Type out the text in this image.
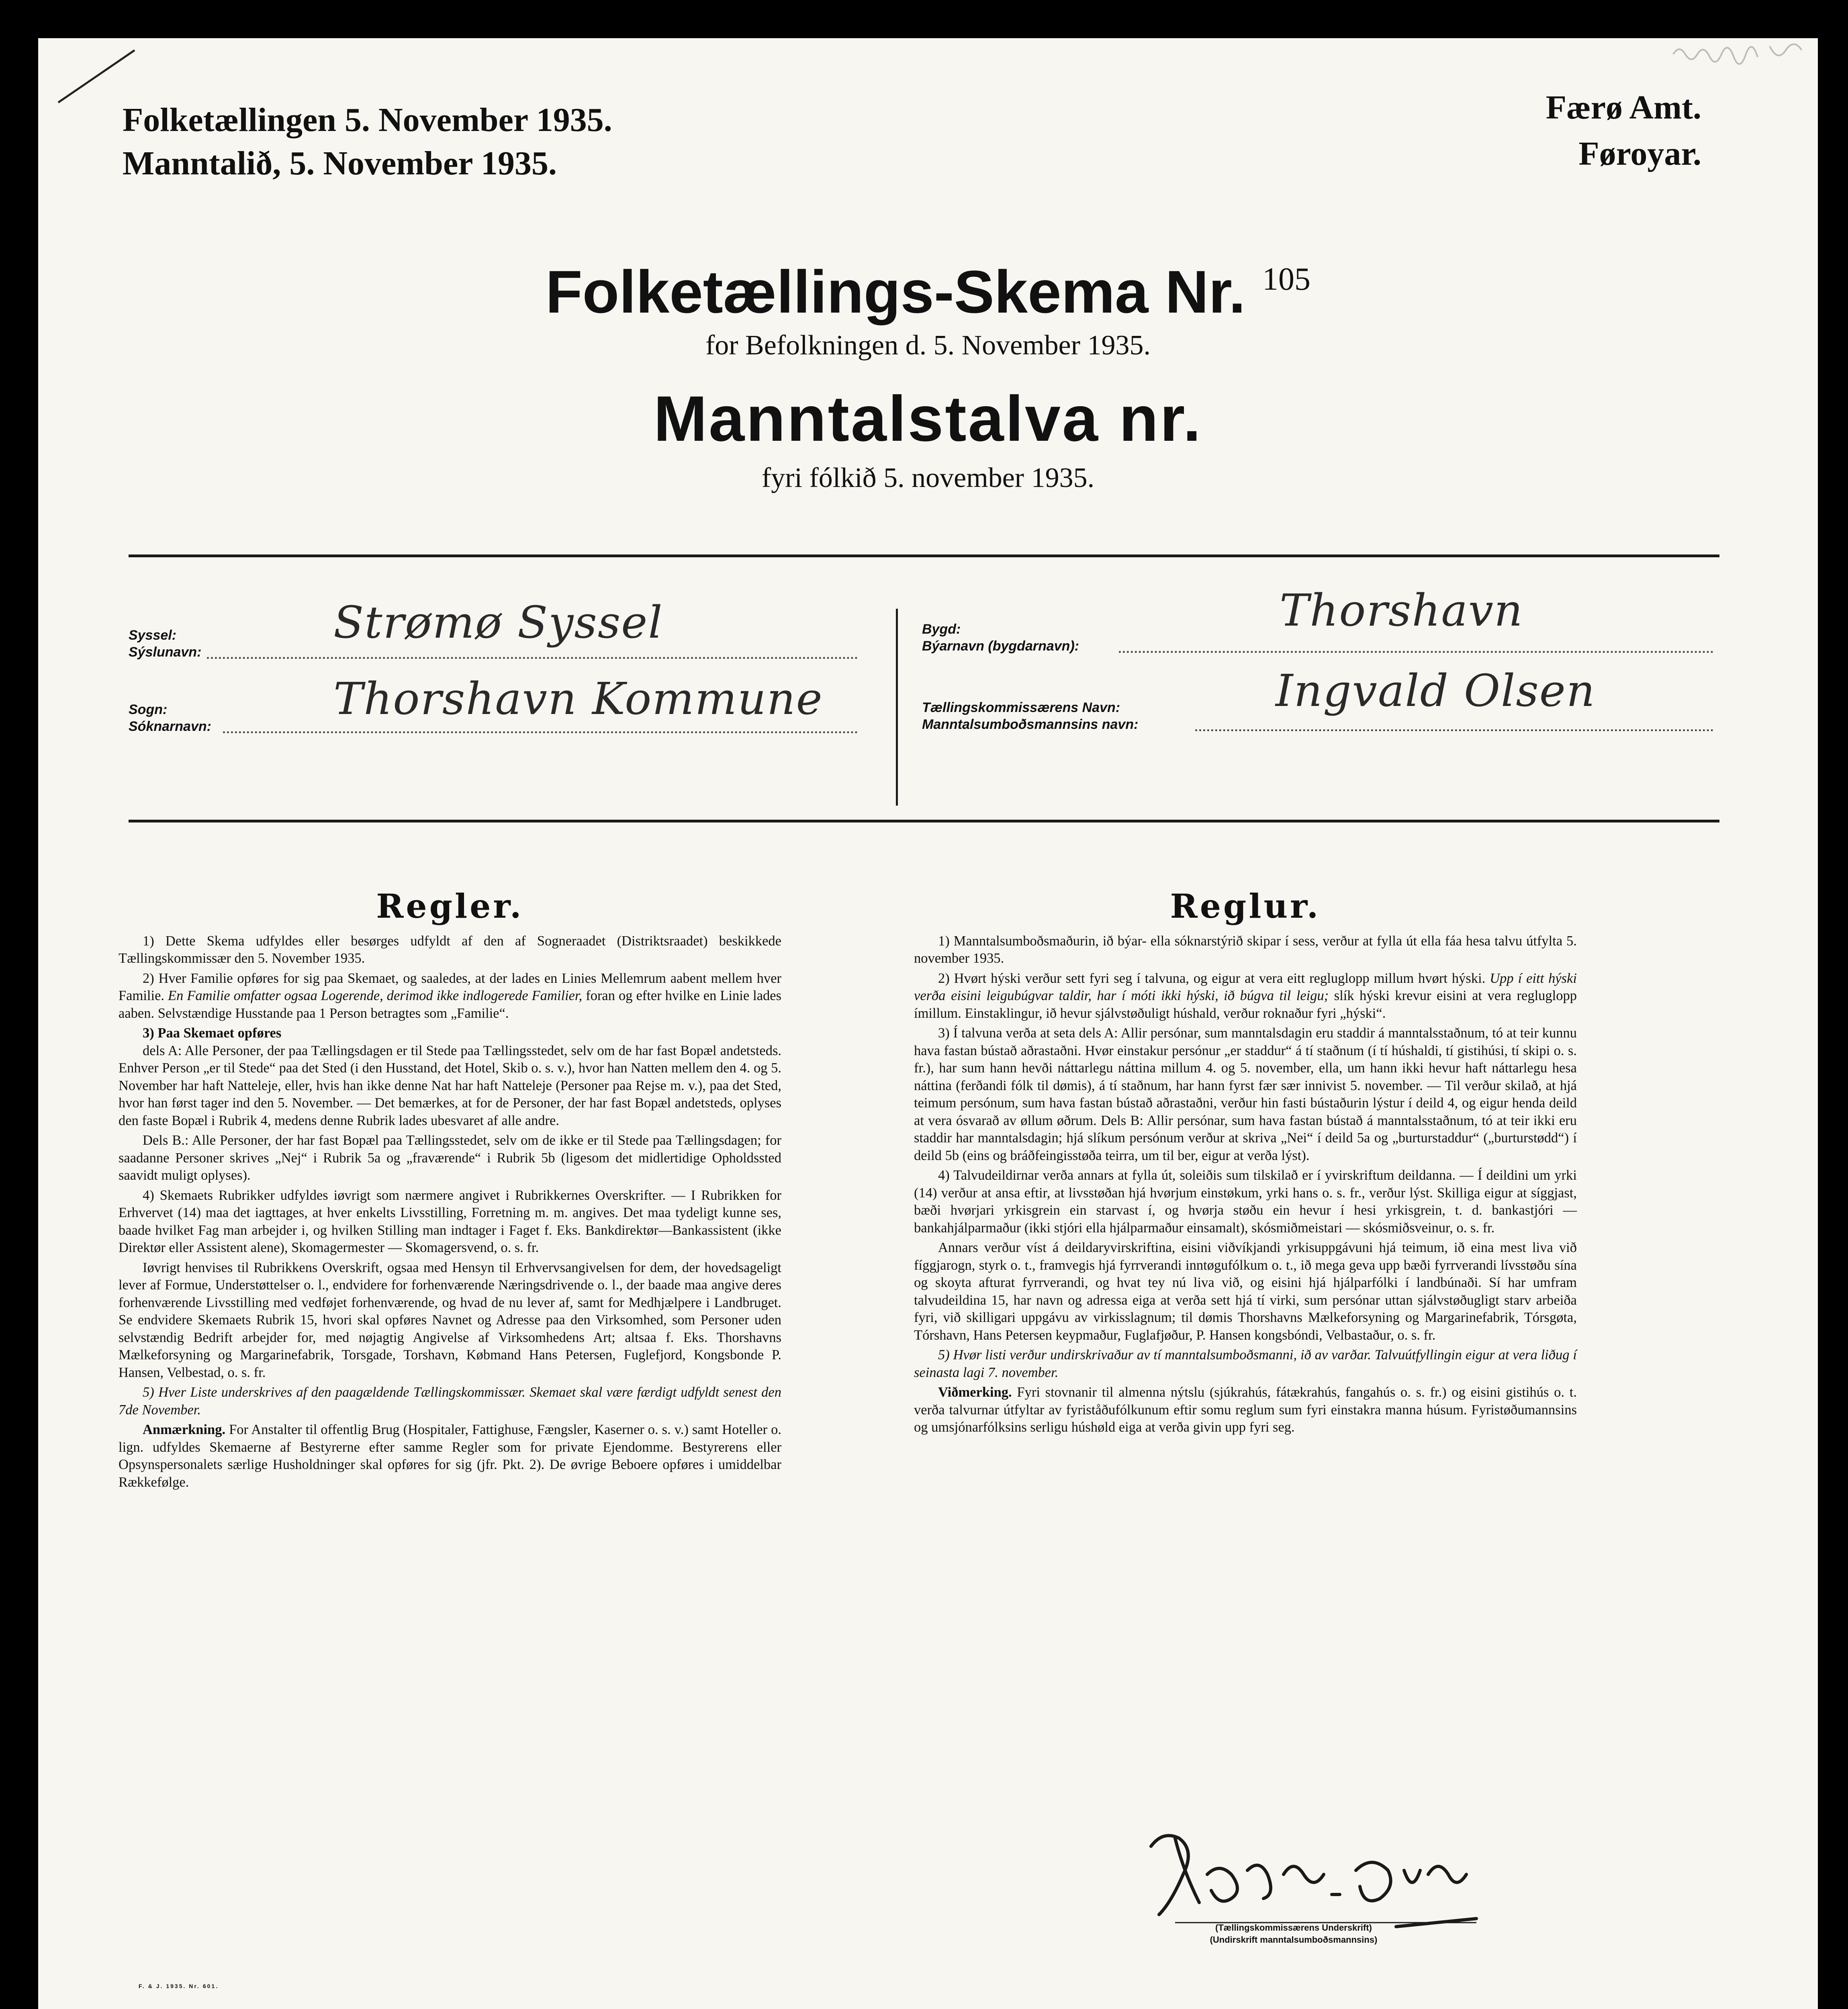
Folketællingen 5. November 1935.
Manntalið, 5. November 1935.
Færø Amt.
Føroyar.
Folketællings-Skema Nr. $^{105}$
for Befolkningen d. 5. November 1935.
Manntalstalva nr.
fyri fólkið 5. november 1935.
Syssel:
Sýslunavn:
Strømø Syssel
Sogn:
Sóknarnavn:
Thorshavn Kommune
Bygd:
Býarnavn (bygdarnavn):
Thorshavn
Tællingskommissærens Navn:
Manntalsumboðsmannsins navn:
Ingvald Olsen
Regler.

1) Dette Skema udfyldes eller besørges udfyldt af den af Sogneraadet (Distriktsraadet) beskikkede Tællingskommissær den 5. November 1935.

2) Hver Familie opføres for sig paa Skemaet, og saaledes, at der lades en Linies Mellemrum aabent mellem hver Familie. En Familie omfatter ogsaa Logerende, derimod ikke indlogerede Familier, foran og efter hvilke en Linie lades aaben. Selvstændige Husstande paa 1 Person betragtes som „Familie“.

3) Paa Skemaet opføres

dels A: Alle Personer, der paa Tællingsdagen er til Stede paa Tællingsstedet, selv om de har fast Bopæl andetsteds. Enhver Person „er til Stede“ paa det Sted (i den Husstand, det Hotel, Skib o. s. v.), hvor han Natten mellem den 4. og 5. November har haft Natteleje, eller, hvis han ikke denne Nat har haft Natteleje (Personer paa Rejse m. v.), paa det Sted, hvor han først tager ind den 5. November. — Det bemærkes, at for de Personer, der har fast Bopæl andetsteds, oplyses den faste Bopæl i Rubrik 4, medens denne Rubrik lades ubesvaret af alle andre.

Dels B.: Alle Personer, der har fast Bopæl paa Tællingsstedet, selv om de ikke er til Stede paa Tællingsdagen; for saadanne Personer skrives „Nej“ i Rubrik 5a og „fraværende“ i Rubrik 5b (ligesom det midlertidige Opholdssted saavidt muligt oplyses).

4) Skemaets Rubrikker udfyldes iøvrigt som nærmere angivet i Rubrikkernes Overskrifter. — I Rubrikken for Erhvervet (14) maa det iagttages, at hver enkelts Livsstilling, Forretning m. m. angives. Det maa tydeligt kunne ses, baade hvilket Fag man arbejder i, og hvilken Stilling man indtager i Faget f. Eks. Bankdirektør—Bankassistent (ikke Direktør eller Assistent alene), Skomagermester — Skomagersvend, o. s. fr.

Iøvrigt henvises til Rubrikkens Overskrift, ogsaa med Hensyn til Erhvervsangivelsen for dem, der hovedsageligt lever af Formue, Understøttelser o. l., endvidere for forhenværende Næringsdrivende o. l., der baade maa angive deres forhenværende Livsstilling med vedføjet forhenværende, og hvad de nu lever af, samt for Medhjælpere i Landbruget. Se endvidere Skemaets Rubrik 15, hvori skal opføres Navnet og Adresse paa den Virksomhed, som Personer uden selvstændig Bedrift arbejder for, med nøjagtig Angivelse af Virksomhedens Art; altsaa f. Eks. Thorshavns Mælkeforsyning og Margarinefabrik, Torsgade, Torshavn, Købmand Hans Petersen, Fuglefjord, Kongsbonde P. Hansen, Velbestad, o. s. fr.

5) Hver Liste underskrives af den paagældende Tællingskommissær. Skemaet skal være færdigt udfyldt senest den 7de November.

Anmærkning. For Anstalter til offentlig Brug (Hospitaler, Fattighuse, Fængsler, Kaserner o. s. v.) samt Hoteller o. lign. udfyldes Skemaerne af Bestyrerne efter samme Regler som for private Ejendomme. Bestyrerens eller Opsynspersonalets særlige Husholdninger skal opføres for sig (jfr. Pkt. 2). De øvrige Beboere opføres i umiddelbar Rækkefølge.

Reglur.

1) Manntalsumboðsmaðurin, ið býar- ella sóknarstýrið skipar í sess, verður at fylla út ella fáa hesa talvu útfylta 5. november 1935.

2) Hvørt hýski verður sett fyri seg í talvuna, og eigur at vera eitt regluglopp millum hvørt hýski. Upp í eitt hýski verða eisini leigubúgvar taldir, har í móti ikki hýski, ið búgva til leigu; slík hýski krevur eisini at vera regluglopp ímillum. Einstaklingur, ið hevur sjálvstøðuligt húshald, verður roknaður fyri „hýski“.

3) Í talvuna verða at seta dels A: Allir persónar, sum manntalsdagin eru staddir á manntalsstaðnum, tó at teir kunnu hava fastan bústað aðrastaðni. Hvør einstakur persónur „er staddur“ á tí staðnum (í tí húshaldi, tí gistihúsi, tí skipi o. s. fr.), har sum hann hevði náttarlegu náttina millum 4. og 5. november, ella, um hann ikki hevur haft náttarlegu hesa náttina (ferðandi fólk til dømis), á tí staðnum, har hann fyrst fær sær innivist 5. november. — Til verður skilað, at hjá teimum persónum, sum hava fastan bústað aðrastaðni, verður hin fasti bústaðurin lýstur í deild 4, og eigur henda deild at vera ósvarað av øllum øðrum. Dels B: Allir persónar, sum hava fastan bústað á manntalsstaðnum, tó at teir ikki eru staddir har manntalsdagin; hjá slíkum persónum verður at skriva „Nei“ í deild 5a og „burturstaddur“ („burturstødd“) í deild 5b (eins og bráðfeingisstøða teirra, um til ber, eigur at verða lýst).

4) Talvudeildirnar verða annars at fylla út, soleiðis sum tilskilað er í yvirskriftum deildanna. — Í deildini um yrki (14) verður at ansa eftir, at livsstøðan hjá hvørjum einstøkum, yrki hans o. s. fr., verður lýst. Skilliga eigur at síggjast, bæði hvørjari yrkisgrein ein starvast í, og hvørja støðu ein hevur í hesi yrkisgrein, t. d. bankastjóri — bankahjálparmaður (ikki stjóri ella hjálparmaður einsamalt), skósmiðmeistari — skósmiðsveinur, o. s. fr.

Annars verður víst á deildaryvirskriftina, eisini viðvíkjandi yrkisuppgávuni hjá teimum, ið eina mest liva við fíggjarogn, styrk o. t., framvegis hjá fyrrverandi inntøgufólkum o. t., ið mega geva upp bæði fyrrverandi lívsstøðu sína og skoyta afturat fyrrverandi, og hvat tey nú liva við, og eisini hjá hjálparfólki í landbúnaði. Sí har umfram talvudeildina 15, har navn og adressa eiga at verða sett hjá tí virki, sum persónar uttan sjálvstøðugligt starv arbeiða fyri, við skilligari uppgávu av virkisslagnum; til dømis Thorshavns Mælkeforsyning og Margarinefabrik, Tórsgøta, Tórshavn, Hans Petersen keypmaður, Fuglafjøður, P. Hansen kongsbóndi, Velbastaður, o. s. fr.

5) Hvør listi verður undirskrivaður av tí manntalsumboðsmanni, ið av varðar. Talvuútfyllingin eigur at vera liðug í seinasta lagi 7. november.

Viðmerking. Fyri stovnanir til almenna nýtslu (sjúkrahús, fátækrahús, fangahús o. s. fr.) og eisini gistihús o. t. verða talvurnar útfyltar av fyriståðufólkunum eftir somu reglum sum fyri einstakra manna húsum. Fyristøðumannsins og umsjónarfólksins serligu húshøld eiga at verða givin upp fyri seg.

(Tællingskommissærens Underskrift)
(Undirskrift manntalsumboðsmannsins)
F. & J. 1935. Nr. 601.
